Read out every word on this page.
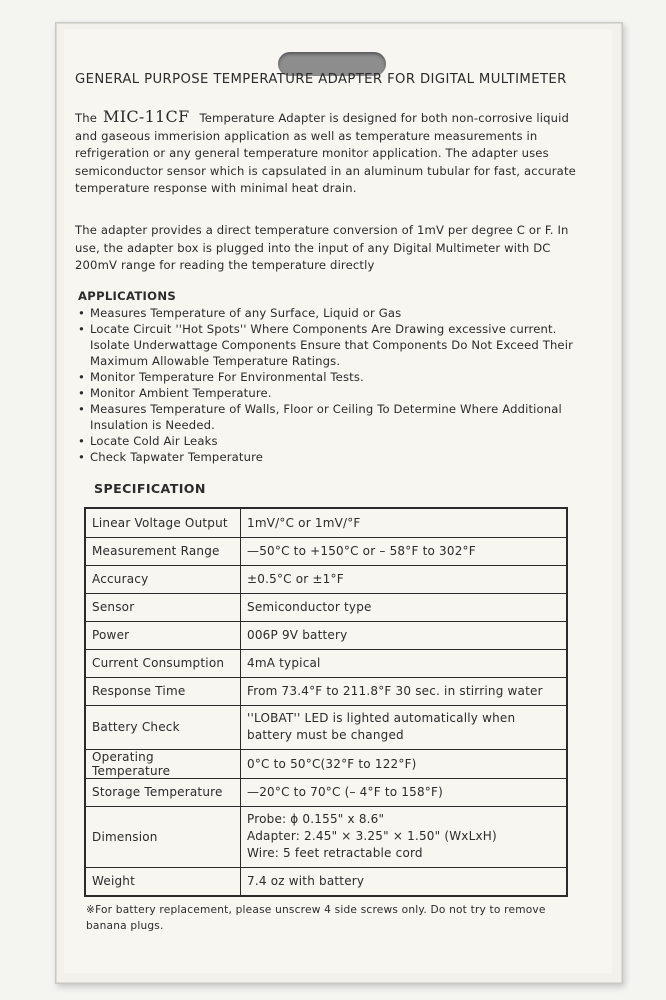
GENERAL PURPOSE TEMPERATURE ADAPTER FOR DIGITAL MULTIMETER
The MIC-11CF Temperature Adapter is designed for both non-corrosive liquid and gaseous immerision application as well as temperature measurements in refrigeration or any general temperature monitor application. The adapter uses semiconductor sensor which is capsulated in an aluminum tubular for fast, accurate temperature response with minimal heat drain.
The adapter provides a direct temperature conversion of 1mV per degree C or F. In use, the adapter box is plugged into the input of any Digital Multimeter with DC 200mV range for reading the temperature directly
APPLICATIONS
• Measures Temperature of any Surface, Liquid or Gas
• Locate Circuit ''Hot Spots'' Where Components Are Drawing excessive current. Isolate Underwattage Components Ensure that Components Do Not Exceed Their Maximum Allowable Temperature Ratings.
• Monitor Temperature For Environmental Tests.
• Monitor Ambient Temperature.
• Measures Temperature of Walls, Floor or Ceiling To Determine Where Additional Insulation is Needed.
• Locate Cold Air Leaks
• Check Tapwater Temperature
SPECIFICATION
Linear Voltage Output	1mV/°C or 1mV/°F
Measurement Range	—50°C to +150°C or – 58°F to 302°F
Accuracy	±0.5°C or ±1°F
Sensor	Semiconductor type
Power	006P 9V battery
Current Consumption	4mA typical
Response Time	From 73.4°F to 211.8°F 30 sec. in stirring water
Battery Check	''LOBAT'' LED is lighted automatically when
battery must be changed

Operating Temperature	0°C to 50°C(32°F to 122°F)
Storage Temperature	—20°C to 70°C (– 4°F to 158°F)
Dimension	Probe: ϕ 0.155" x 8.6"
Adapter: 2.45" × 3.25" × 1.50" (WxLxH)
Wire: 5 feet retractable cord

Weight	7.4 oz with battery
※For battery replacement, please unscrew 4 side screws only. Do not try to remove banana plugs.
